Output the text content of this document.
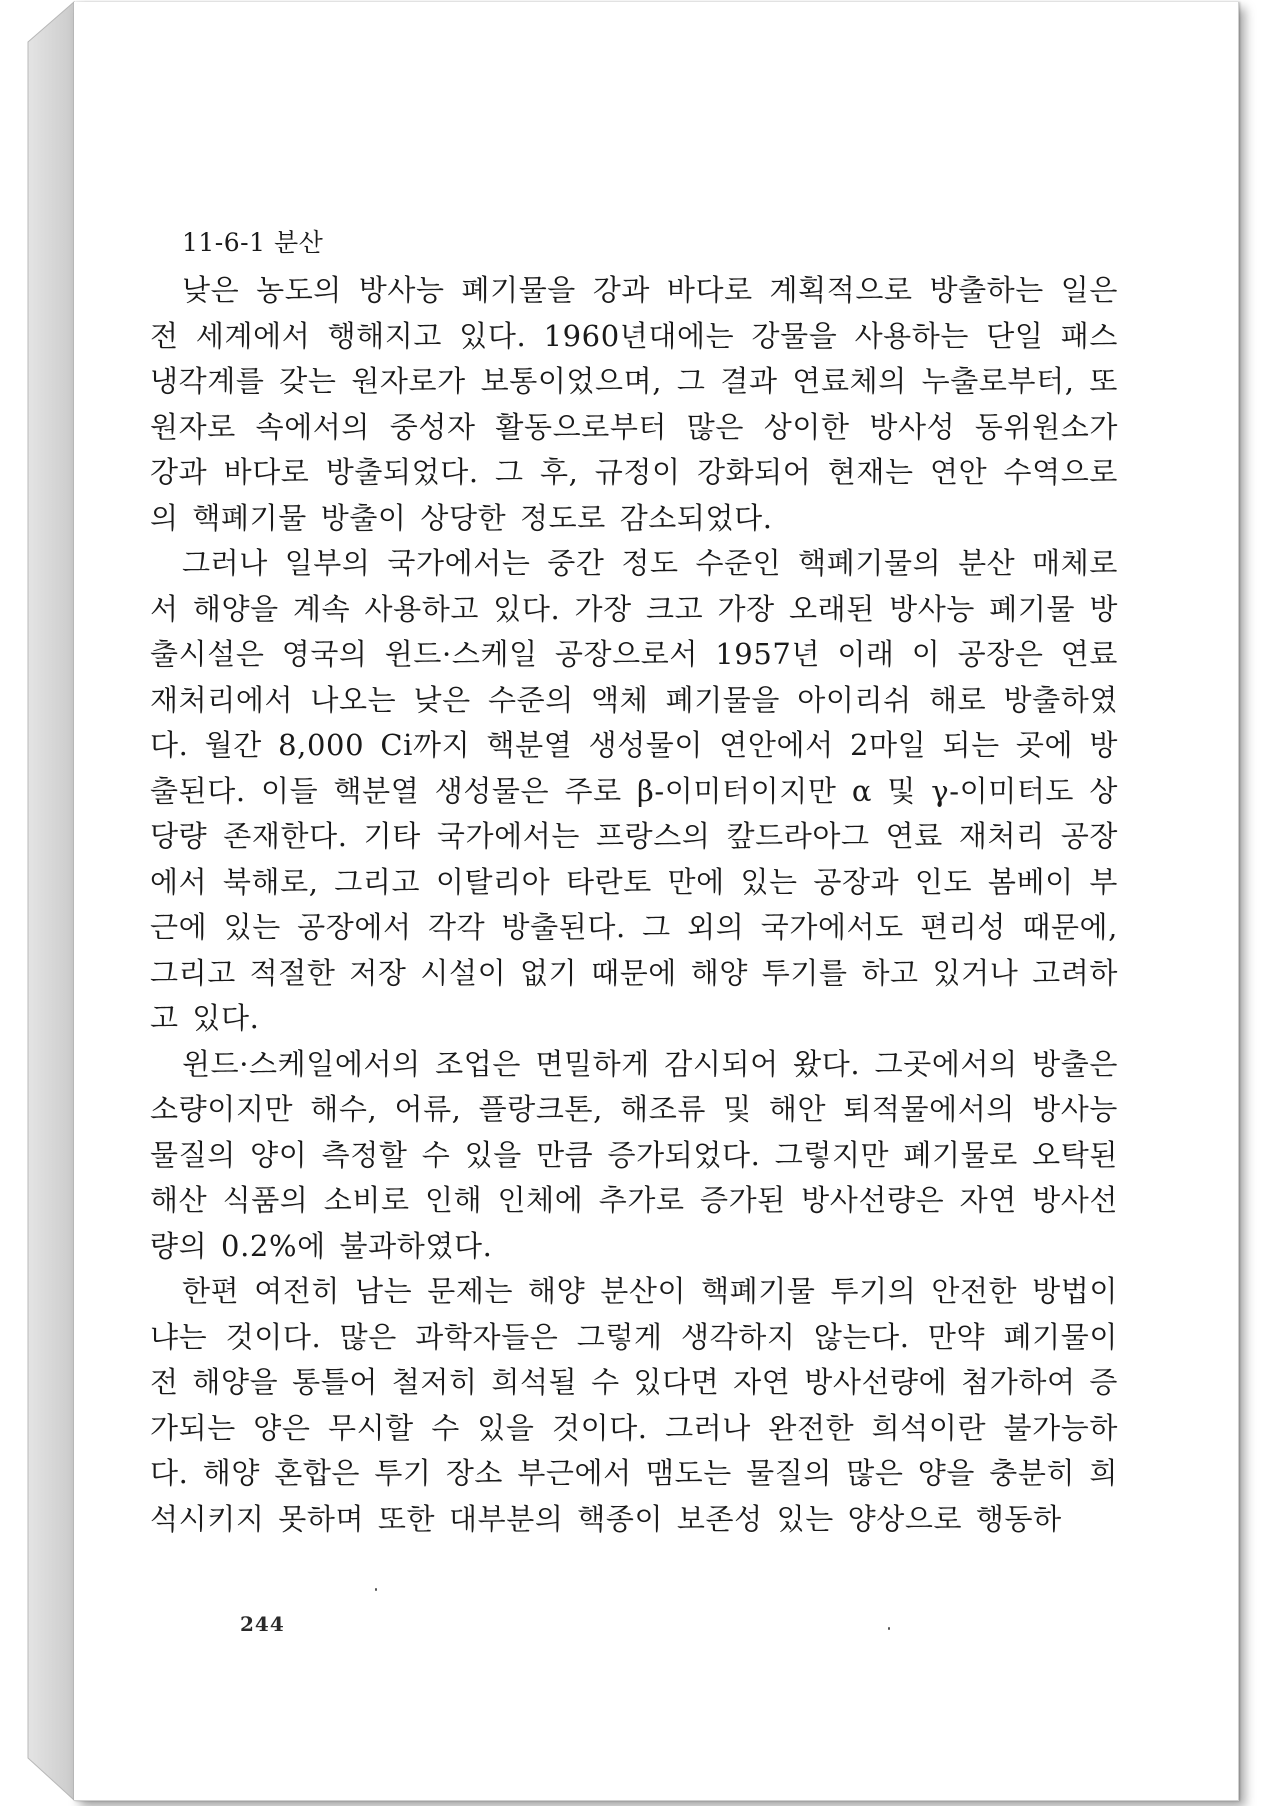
11-6-1 분산

낮은 농도의 방사능 폐기물을 강과 바다로 계획적으로 방출하는 일은 전 세계에서 행해지고 있다. 1960년대에는 강물을 사용하는 단일 패스 냉각계를 갖는 원자로가 보통이었으며, 그 결과 연료체의 누출로부터, 또 원자로 속에서의 중성자 활동으로부터 많은 상이한 방사성 동위원소가 강과 바다로 방출되었다. 그 후, 규정이 강화되어 현재는 연안 수역으로의 핵폐기물 방출이 상당한 정도로 감소되었다.

그러나 일부의 국가에서는 중간 정도 수준인 핵폐기물의 분산 매체로서 해양을 계속 사용하고 있다. 가장 크고 가장 오래된 방사능 폐기물 방출시설은 영국의 윈드·스케일 공장으로서 1957년 이래 이 공장은 연료 재처리에서 나오는 낮은 수준의 액체 폐기물을 아이리쉬 해로 방출하였다. 월간 8,000 Ci까지 핵분열 생성물이 연안에서 2마일 되는 곳에 방출된다. 이들 핵분열 생성물은 주로 β-이미터이지만 α 및 γ-이미터도 상당량 존재한다. 기타 국가에서는 프랑스의 캎드라아그 연료 재처리 공장에서 북해로, 그리고 이탈리아 타란토 만에 있는 공장과 인도 봄베이 부근에 있는 공장에서 각각 방출된다. 그 외의 국가에서도 편리성 때문에, 그리고 적절한 저장 시설이 없기 때문에 해양 투기를 하고 있거나 고려하고 있다.

윈드·스케일에서의 조업은 면밀하게 감시되어 왔다. 그곳에서의 방출은 소량이지만 해수, 어류, 플랑크톤, 해조류 및 해안 퇴적물에서의 방사능 물질의 양이 측정할 수 있을 만큼 증가되었다. 그렇지만 폐기물로 오탁된 해산 식품의 소비로 인해 인체에 추가로 증가된 방사선량은 자연 방사선량의 0.2%에 불과하였다.

한편 여전히 남는 문제는 해양 분산이 핵폐기물 투기의 안전한 방법이냐는 것이다. 많은 과학자들은 그렇게 생각하지 않는다. 만약 폐기물이 전 해양을 통틀어 철저히 희석될 수 있다면 자연 방사선량에 첨가하여 증가되는 양은 무시할 수 있을 것이다. 그러나 완전한 희석이란 불가능하다. 해양 혼합은 투기 장소 부근에서 맴도는 물질의 많은 양을 충분히 희석시키지 못하며 또한 대부분의 핵종이 보존성 있는 양상으로 행동하

244
